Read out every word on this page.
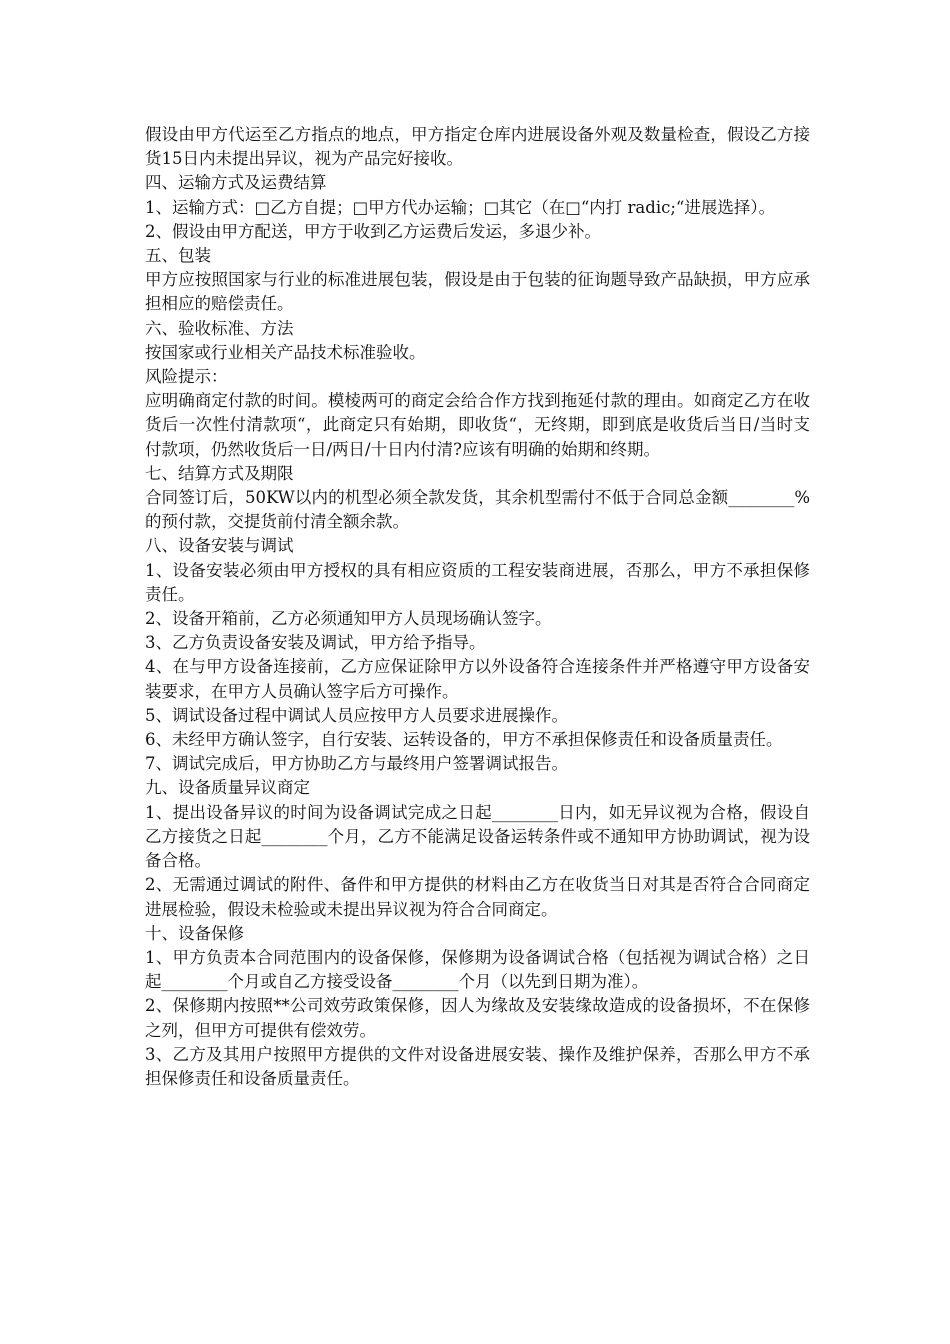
假设由甲方代运至乙方指点的地点，甲方指定仓库内进展设备外观及数量检查，假设乙方接货15日内未提出异议，视为产品完好接收。

四、运输方式及运费结算

1、运输方式：□乙方自提；□甲方代办运输；□其它（在□“内打 radic;“进展选择）。

2、假设由甲方配送，甲方于收到乙方运费后发运，多退少补。

五、包装

甲方应按照国家与行业的标准进展包装，假设是由于包装的征询题导致产品缺损，甲方应承担相应的赔偿责任。

六、验收标准、方法

按国家或行业相关产品技术标准验收。

风险提示：

应明确商定付款的时间。模棱两可的商定会给合作方找到拖延付款的理由。如商定乙方在收货后一次性付清款项“，此商定只有始期，即收货“，无终期，即到底是收货后当日/当时支付款项，仍然收货后一日/两日/十日内付清?应该有明确的始期和终期。

七、结算方式及期限

合同签订后，50KW以内的机型必须全款发货，其余机型需付不低于合同总金额________%的预付款，交提货前付清全额余款。

八、设备安装与调试

1、设备安装必须由甲方授权的具有相应资质的工程安装商进展，否那么，甲方不承担保修责任。

2、设备开箱前，乙方必须通知甲方人员现场确认签字。

3、乙方负责设备安装及调试，甲方给予指导。

4、在与甲方设备连接前，乙方应保证除甲方以外设备符合连接条件并严格遵守甲方设备安装要求，在甲方人员确认签字后方可操作。

5、调试设备过程中调试人员应按甲方人员要求进展操作。

6、未经甲方确认签字，自行安装、运转设备的，甲方不承担保修责任和设备质量责任。

7、调试完成后，甲方协助乙方与最终用户签署调试报告。

九、设备质量异议商定

1、提出设备异议的时间为设备调试完成之日起________日内，如无异议视为合格，假设自乙方接货之日起________个月，乙方不能满足设备运转条件或不通知甲方协助调试，视为设备合格。

2、无需通过调试的附件、备件和甲方提供的材料由乙方在收货当日对其是否符合合同商定进展检验，假设未检验或未提出异议视为符合合同商定。

十、设备保修

1、甲方负责本合同范围内的设备保修，保修期为设备调试合格（包括视为调试合格）之日起________个月或自乙方接受设备________个月（以先到日期为准）。

2、保修期内按照**公司效劳政策保修，因人为缘故及安装缘故造成的设备损坏，不在保修之列，但甲方可提供有偿效劳。

3、乙方及其用户按照甲方提供的文件对设备进展安装、操作及维护保养，否那么甲方不承担保修责任和设备质量责任。
